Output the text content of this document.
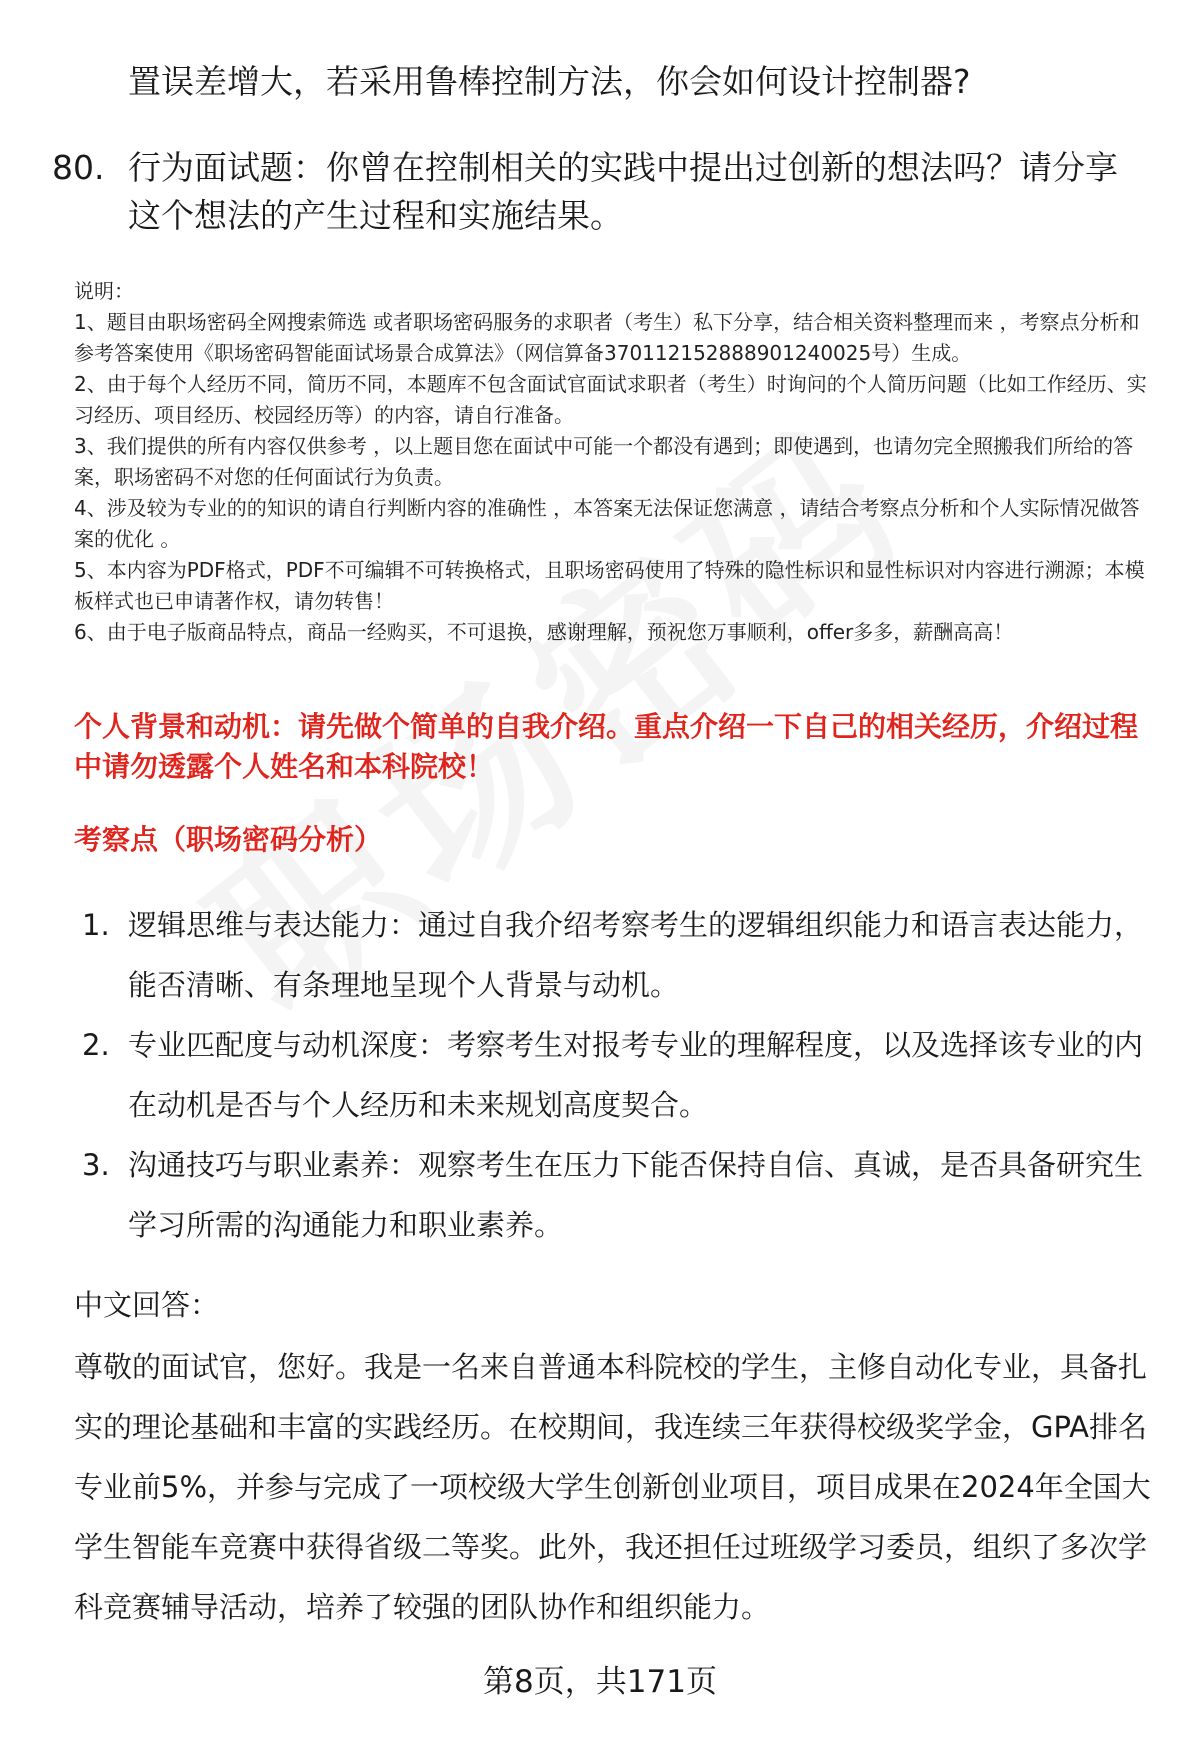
置误差增大，若采用鲁棒控制方法，你会如何设计控制器?
80. 行为面试题：你曾在控制相关的实践中提出过创新的想法吗？请分享这个想法的产生过程和实施结果。

说明：

1、题目由职场密码全网搜索筛选 或者职场密码服务的求职者（考生）私下分享，结合相关资料整理而来 ，考察点分析和参考答案使用《职场密码智能面试场景合成算法》（网信算备370112152888901240025号）生成。

2、由于每个人经历不同，简历不同，本题库不包含面试官面试求职者（考生）时询问的个人简历问题（比如工作经历、实习经历、项目经历、校园经历等）的内容，请自行准备。

3、我们提供的所有内容仅供参考 ，以上题目您在面试中可能一个都没有遇到；即使遇到，也请勿完全照搬我们所给的答案，职场密码不对您的任何面试行为负责。

4、涉及较为专业的的知识的请自行判断内容的准确性 ，本答案无法保证您满意 ，请结合考察点分析和个人实际情况做答案的优化 。

5、本内容为PDF格式，PDF不可编辑不可转换格式，且职场密码使用了特殊的隐性标识和显性标识对内容进行溯源；本模板样式也已申请著作权，请勿转售！

6、由于电子版商品特点，商品一经购买，不可退换，感谢理解，预祝您万事顺利，offer多多，薪酬高高！

个人背景和动机：请先做个简单的自我介绍。重点介绍一下自己的相关经历，介绍过程中请勿透露个人姓名和本科院校！
考察点（职场密码分析）
1. 逻辑思维与表达能力：通过自我介绍考察考生的逻辑组织能力和语言表达能力，能否清晰、有条理地呈现个人背景与动机。
2. 专业匹配度与动机深度：考察考生对报考专业的理解程度，以及选择该专业的内在动机是否与个人经历和未来规划高度契合。
3. 沟通技巧与职业素养：观察考生在压力下能否保持自信、真诚，是否具备研究生学习所需的沟通能力和职业素养。
中文回答：

尊敬的面试官，您好。我是一名来自普通本科院校的学生，主修自动化专业，具备扎实的理论基础和丰富的实践经历。在校期间，我连续三年获得校级奖学金，GPA排名专业前5%，并参与完成了一项校级大学生创新创业项目，项目成果在2024年全国大学生智能车竞赛中获得省级二等奖。此外，我还担任过班级学习委员，组织了多次学科竞赛辅导活动，培养了较强的团队协作和组织能力。

第8页，共171页
